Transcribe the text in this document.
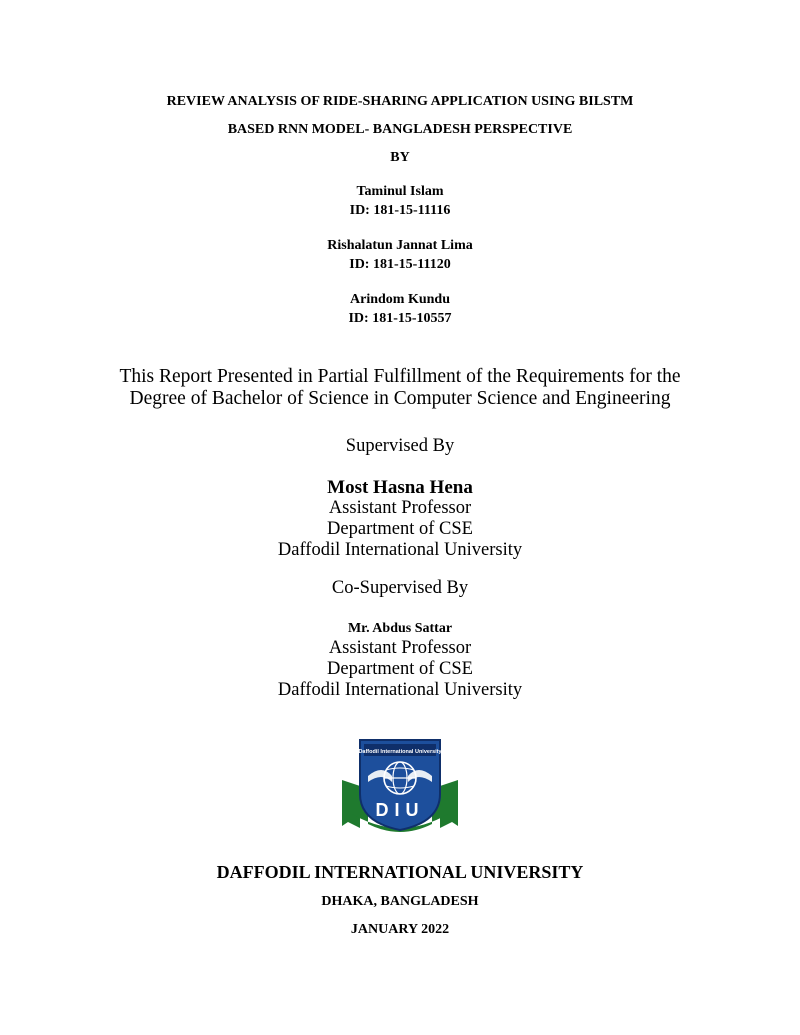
REVIEW ANALYSIS OF RIDE-SHARING APPLICATION USING BILSTM
BASED RNN MODEL- BANGLADESH PERSPECTIVE
BY
Taminul Islam
ID: 181-15-11116
Rishalatun Jannat Lima
ID: 181-15-11120
Arindom Kundu
ID: 181-15-10557
This Report Presented in Partial Fulfillment of the Requirements for the
Degree of Bachelor of Science in Computer Science and Engineering
Supervised By
Most Hasna Hena
Assistant Professor
Department of CSE
Daffodil International University
Co-Supervised By
Mr. Abdus Sattar
Assistant Professor
Department of CSE
Daffodil International University
Daffodil International University
DIU
DAFFODIL INTERNATIONAL UNIVERSITY
DHAKA, BANGLADESH
JANUARY 2022
